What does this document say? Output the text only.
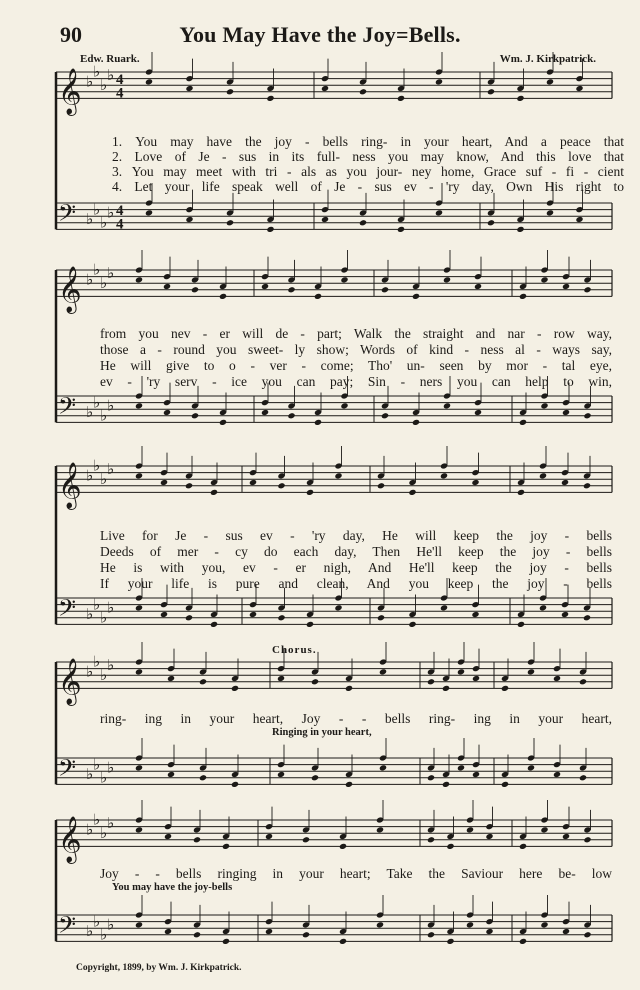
90	You May Have the Joy=Bells.
Edw. Ruark.	Wm. J. Kirkpatrick.
𝄞 ♭
♭
♭
♭ 4
4
𝄢 ♭
♭
♭
♭ 4
4
𝄞 ♭
♭
♭
♭
𝄢 ♭
♭
♭
♭
𝄞 ♭
♭
♭
♭
𝄢 ♭
♭
♭
♭
𝄞 ♭
♭
♭
♭
𝄢 ♭
♭
♭
♭
𝄞 ♭
♭
♭
♭
𝄢 ♭
♭
♭
♭
1. You may have the joy - bells ring- in your heart, And a peace that
2. Love of Je - sus in its full- ness you may know, And this love that
3. You may meet with tri - als as you jour- ney home, Grace suf - fi - cient
4. Let your life speak well of Je - sus ev - 'ry day, Own His right to
from you nev - er will de - part; Walk the straight and nar - row way,
those a - round you sweet- ly show; Words of kind - ness al - ways say,
He will give to o - ver - come; Tho' un- seen by mor - tal eye,
ev - 'ry serv - ice you can pay; Sin - ners you can help to win,
Live for Je - sus ev - 'ry day, He will keep the joy - bells
Deeds of mer - cy do each day, Then He'll keep the joy - bells
He is with you, ev - er nigh, And He'll keep the joy - bells
If your life is pure and clean, And you keep the joy - bells
Chorus.
ring- ing in your heart, Joy - - bells ring- ing in your heart,
Ringing in your heart,
Joy - - bells ringing in your heart; Take the Saviour here be- low
You may have the joy-bells
Copyright, 1899, by Wm. J. Kirkpatrick.
